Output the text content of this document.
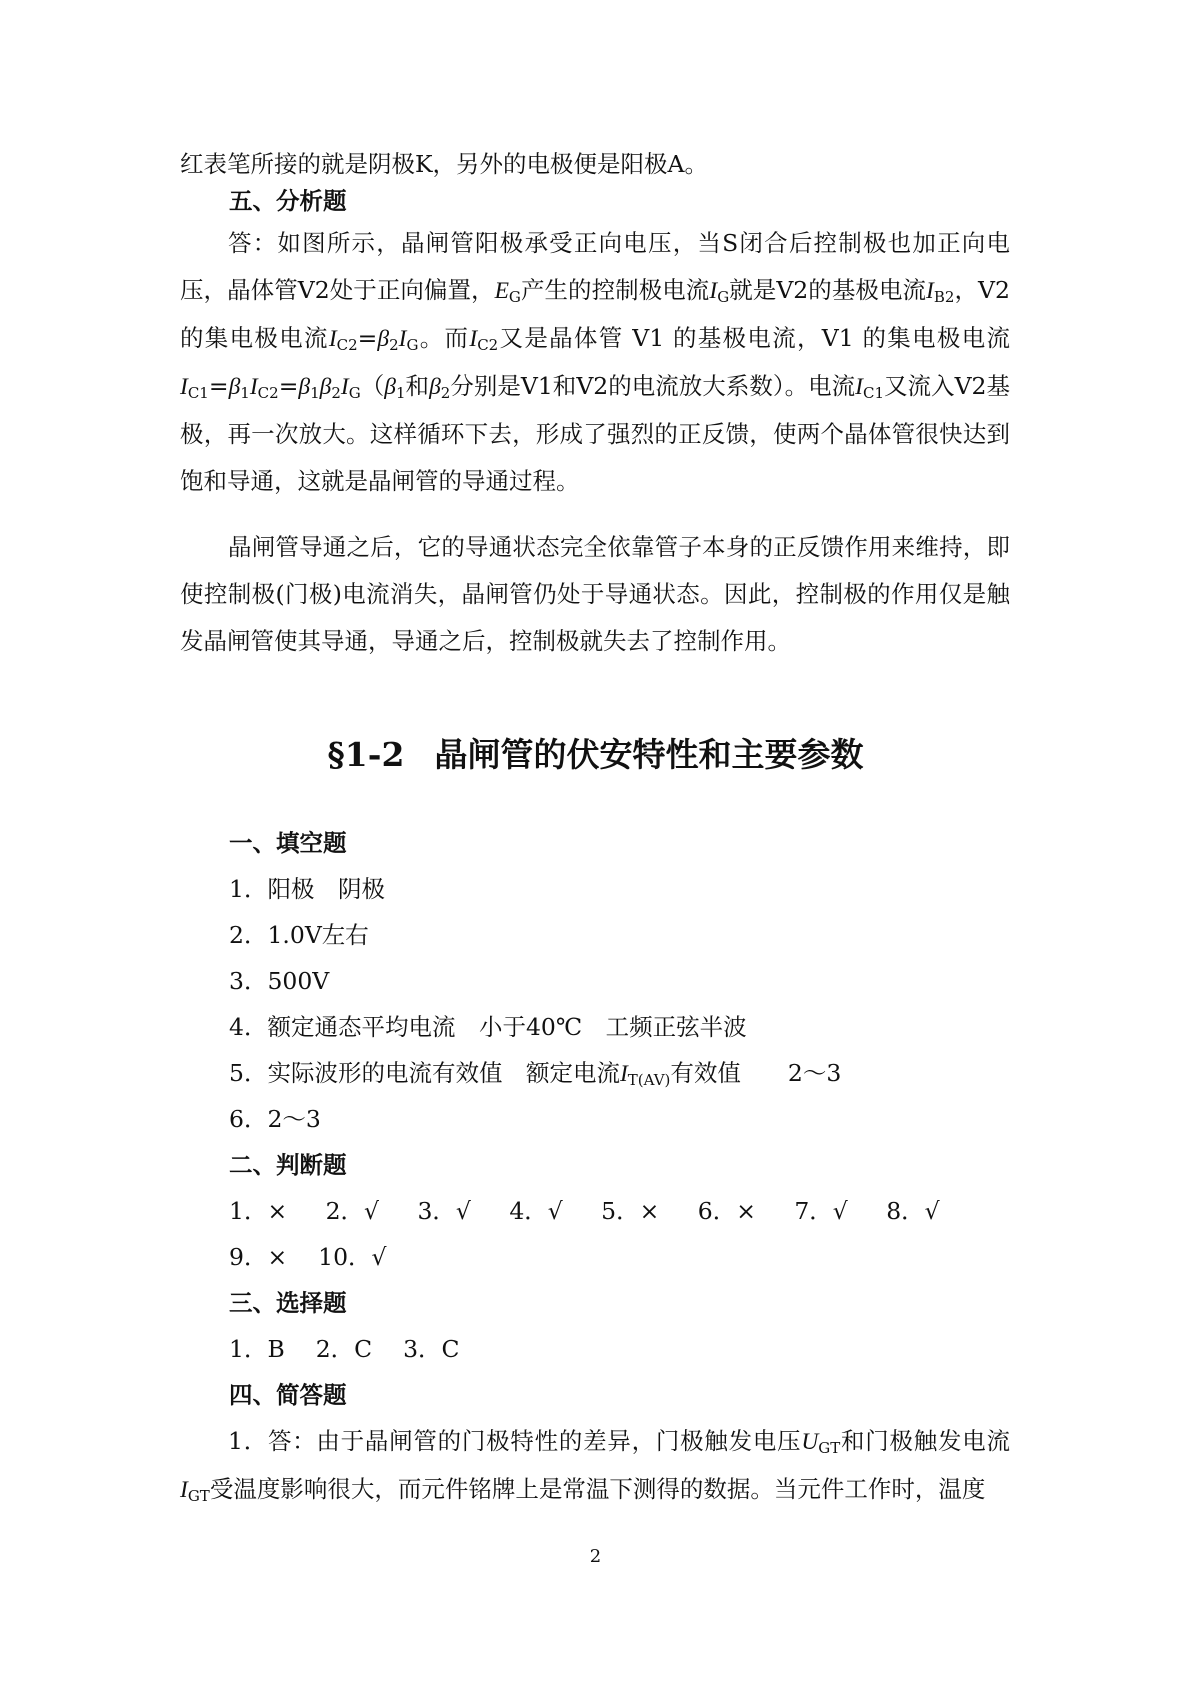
红表笔所接的就是阴极K，另外的电极便是阳极A。

五、分析题

答：如图所示，晶闸管阳极承受正向电压，当S闭合后控制极也加正向电压，晶体管V2处于正向偏置，$E_G$产生的控制极电流$I_G$就是V2的基极电流$I_{B2}$，V2的集电极电流$I_{C2}=\beta_2I_G$。而$I_{C2}$又是晶体管 V1 的基极电流，V1 的集电极电流$I_{C1}=\beta_1I_{C2}=\beta_1\beta_2I_G(\beta_1$和$\beta_2$分别是V1和V2的电流放大系数）。电流$I_{C1}$又流入V2基极，再一次放大。这样循环下去，形成了强烈的正反馈，使两个晶体管很快达到饱和导通，这就是晶闸管的导通过程。

晶闸管导通之后，它的导通状态完全依靠管子本身的正反馈作用来维持，即使控制极(门极)电流消失，晶闸管仍处于导通状态。因此，控制极的作用仅是触发晶闸管使其导通，导通之后，控制极就失去了控制作用。

§1-2 晶闸管的伏安特性和主要参数

一、填空题

1．阳极　阴极

2．1.0V左右

3．500V

4．额定通态平均电流　小于40℃　工频正弦半波

5．实际波形的电流有效值　额定电流$I_{T(AV)}$有效值　　2～3

6．2～3

二、判断题

1．×　  2．√　  3．√　  4．√　  5．×　  6．×　  7．√　  8．√

9．×　 10．√

三、选择题

1．B　 2．C　 3．C

四、简答题

1．答：由于晶闸管的门极特性的差异，门极触发电压$U_{GT}$和门极触发电流$I_{GT}$受温度影响很大，而元件铭牌上是常温下测得的数据。当元件工作时，温度

2
